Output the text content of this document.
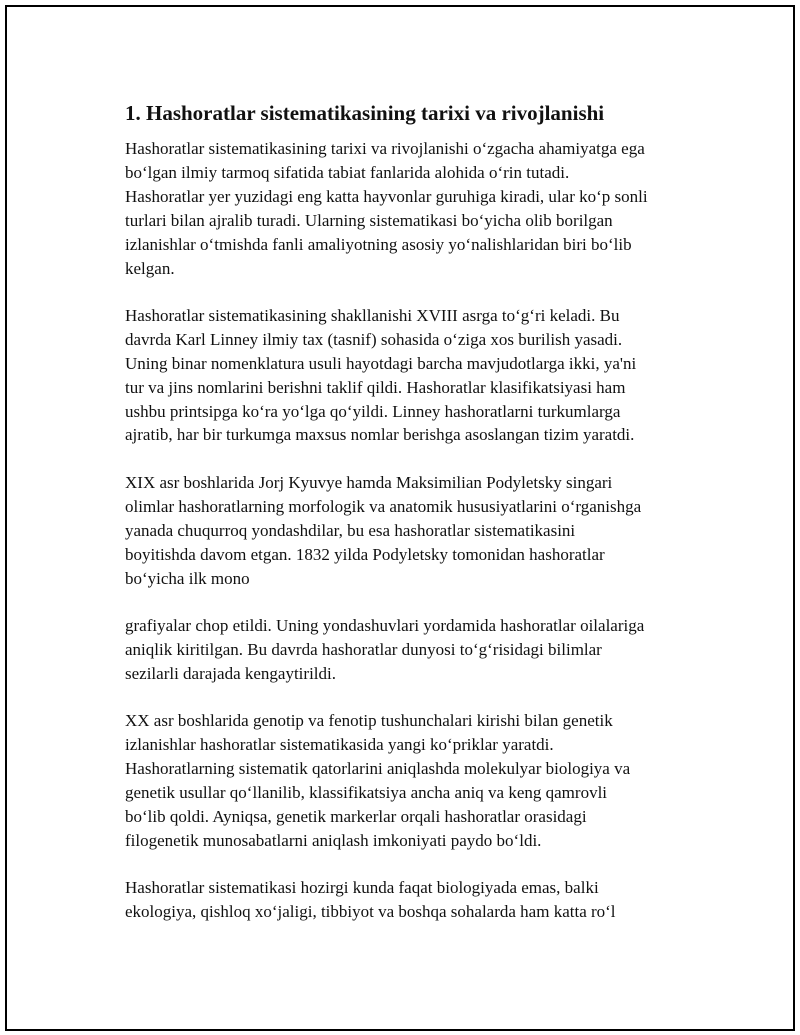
1. Hashoratlar sistematikasining tarixi va rivojlanishi

Hashoratlar sistematikasining tarixi va rivojlanishi oʻzgacha ahamiyatga ega
boʻlgan ilmiy tarmoq sifatida tabiat fanlarida alohida oʻrin tutadi.
Hashoratlar yer yuzidagi eng katta hayvonlar guruhiga kiradi, ular koʻp sonli
turlari bilan ajralib turadi. Ularning sistematikasi boʻyicha olib borilgan
izlanishlar oʻtmishda fanli amaliyotning asosiy yoʻnalishlaridan biri boʻlib
kelgan.

Hashoratlar sistematikasining shakllanishi XVIII asrga toʻgʻri keladi. Bu
davrda Karl Linney ilmiy tax (tasnif) sohasida oʻziga xos burilish yasadi.
Uning binar nomenklatura usuli hayotdagi barcha mavjudotlarga ikki, ya'ni
tur va jins nomlarini berishni taklif qildi. Hashoratlar klasifikatsiyasi ham
ushbu printsipga koʻra yoʻlga qoʻyildi. Linney hashoratlarni turkumlarga
ajratib, har bir turkumga maxsus nomlar berishga asoslangan tizim yaratdi.

XIX asr boshlarida Jorj Kyuvye hamda Maksimilian Podyletsky singari
olimlar hashoratlarning morfologik va anatomik hususiyatlarini oʻrganishga
yanada chuqurroq yondashdilar, bu esa hashoratlar sistematikasini
boyitishda davom etgan. 1832 yilda Podyletsky tomonidan hashoratlar
boʻyicha ilk mono

grafiyalar chop etildi. Uning yondashuvlari yordamida hashoratlar oilalariga
aniqlik kiritilgan. Bu davrda hashoratlar dunyosi toʻgʻrisidagi bilimlar
sezilarli darajada kengaytirildi.

XX asr boshlarida genotip va fenotip tushunchalari kirishi bilan genetik
izlanishlar hashoratlar sistematikasida yangi koʻpriklar yaratdi.
Hashoratlarning sistematik qatorlarini aniqlashda molekulyar biologiya va
genetik usullar qoʻllanilib, klassifikatsiya ancha aniq va keng qamrovli
boʻlib qoldi. Ayniqsa, genetik markerlar orqali hashoratlar orasidagi
filogenetik munosabatlarni aniqlash imkoniyati paydo boʻldi.

Hashoratlar sistematikasi hozirgi kunda faqat biologiyada emas, balki
ekologiya, qishloq xoʻjaligi, tibbiyot va boshqa sohalarda ham katta roʻl
